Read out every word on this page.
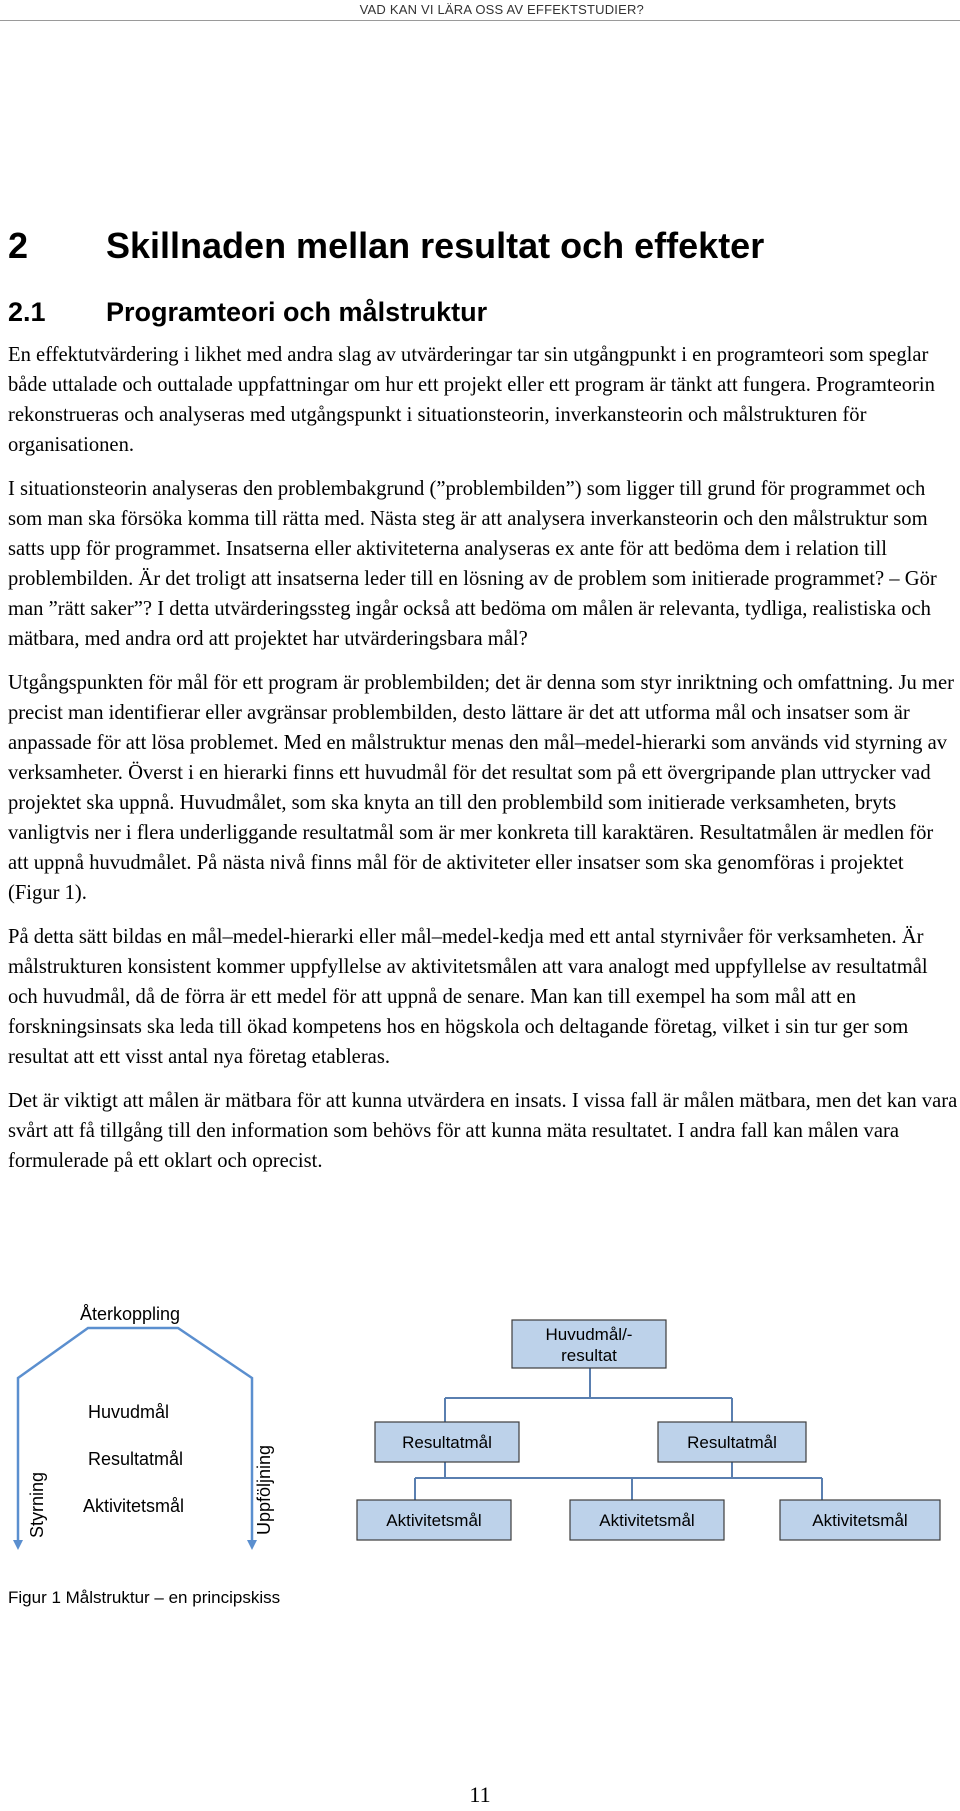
VAD KAN VI LÄRA OSS AV EFFEKTSTUDIER?
2 Skillnaden mellan resultat och effekter
2.1 Programteori och målstruktur

En effektutvärdering i likhet med andra slag av utvärderingar tar sin utgångpunkt i en programteori som speglar både uttalade och outtalade uppfattningar om hur ett projekt eller ett program är tänkt att fungera. Programteorin rekonstrueras och analyseras med utgångspunkt i situationsteorin, inverkansteorin och målstrukturen för organisationen.

I situationsteorin analyseras den problembakgrund (”problembilden”) som ligger till grund för programmet och som man ska försöka komma till rätta med. Nästa steg är att analysera inverkansteorin och den målstruktur som satts upp för programmet. Insatserna eller aktiviteterna analyseras ex ante för att bedöma dem i relation till problembilden. Är det troligt att insatserna leder till en lösning av de problem som initierade programmet? – Gör man ”rätt saker”? I detta utvärderingssteg ingår också att bedöma om målen är relevanta, tydliga, realistiska och mätbara, med andra ord att projektet har utvärderingsbara mål?

Utgångspunkten för mål för ett program är problembilden; det är denna som styr inriktning och omfattning. Ju mer precist man identifierar eller avgränsar problembilden, desto lättare är det att utforma mål och insatser som är anpassade för att lösa problemet. Med en målstruktur menas den mål–medel-hierarki som används vid styrning av verksamheter. Överst i en hierarki finns ett huvudmål för det resultat som på ett övergripande plan uttrycker vad projektet ska uppnå. Huvudmålet, som ska knyta an till den problembild som initierade verksamheten, bryts vanligtvis ner i flera underliggande resultatmål som är mer konkreta till karaktären. Resultatmålen är medlen för att uppnå huvudmålet. På nästa nivå finns mål för de aktiviteter eller insatser som ska genomföras i projektet (Figur 1).

På detta sätt bildas en mål–medel-hierarki eller mål–medel-kedja med ett antal styrnivåer för verksamheten. Är målstrukturen konsistent kommer uppfyllelse av aktivitetsmålen att vara analogt med uppfyllelse av resultatmål och huvudmål, då de förra är ett medel för att uppnå de senare. Man kan till exempel ha som mål att en forskningsinsats ska leda till ökad kompetens hos en högskola och deltagande företag, vilket i sin tur ger som resultat att ett visst antal nya företag etableras.

Det är viktigt att målen är mätbara för att kunna utvärdera en insats. I vissa fall är målen mätbara, men det kan vara svårt att få tillgång till den information som behövs för att kunna mäta resultatet. I andra fall kan målen vara formulerade på ett oklart och oprecist.

Återkoppling
Styrning	Uppföljning
Huvudmål
Resultatmål
Aktivitetsmål
Huvudmål/-
resultat
Resultatmål	Resultatmål
Aktivitetsmål	Aktivitetsmål	Aktivitetsmål
Figur 1 Målstruktur – en principskiss
11
